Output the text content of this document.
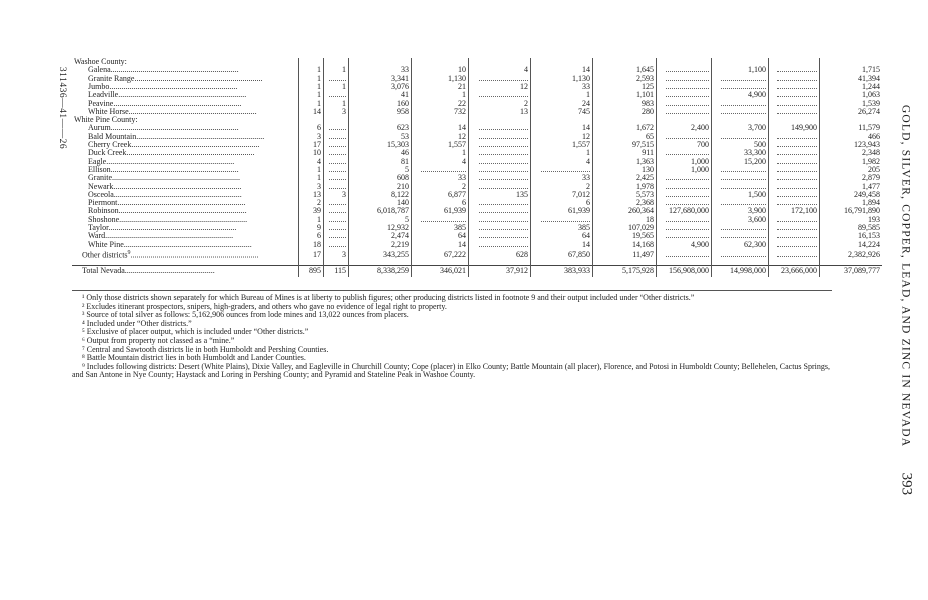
311436—41——26	GOLD, SILVER, COPPER, LEAD, AND ZINC IN NEVADA 393
Washoe County:											
Galena................................................................	1	1	33	10	4	14	1,645		1,100		1,715
Granite Range................................................................	1		3,341	1,130		1,130	2,593				41,394
Jumbo................................................................	1	1	3,076	21	12	33	125				1,244
Leadville................................................................	1		41	1		1	1,101		4,900		1,063
Peavine................................................................	1	1	160	22	2	24	983				1,539
White Horse................................................................	14	3	958	732	13	745	280				26,274
White Pine County:											
Aurum................................................................	6		623	14		14	1,672	2,400	3,700	149,900	11,579
Bald Mountain................................................................	3		53	12		12	65				466
Cherry Creek................................................................	17		15,303	1,557		1,557	97,515	700	500		123,943
Duck Creek................................................................	10		46	1		1	911		33,300		2,348
Eagle................................................................	4		81	4		4	1,363	1,000	15,200		1,982
Ellison................................................................	1		5				130	1,000			205
Granite................................................................	1		608	33		33	2,425				2,879
Newark................................................................	3		210	2		2	1,978				1,477
Osceola................................................................	13	3	8,122	6,877	135	7,012	5,573		1,500		249,458
Piermont................................................................	2		140	6		6	2,368				1,894
Robinson................................................................	39		6,018,787	61,939		61,939	260,364	127,680,000	3,900	172,100	16,791,890
Shoshone................................................................	1		5				18		3,600		193
Taylor................................................................	9		12,932	385		385	107,029				89,585
Ward................................................................	6		2,474	64		64	19,565				16,153
White Pine................................................................	18		2,219	14		14	14,168	4,900	62,300		14,224
Other districts$^9$................................................................	17	3	343,255	67,222	628	67,850	11,497				2,382,926

Total Nevada.............................................	895	115	8,338,259	346,021	37,912	383,933	5,175,928	156,908,000	14,998,000	23,666,000	37,089,777

¹ Only those districts shown separately for which Bureau of Mines is at liberty to publish figures; other producing districts listed in footnote 9 and their output included under “Other districts.”

² Excludes itinerant prospectors, snipers, high-graders, and others who gave no evidence of legal right to property.

³ Source of total silver as follows: 5,162,906 ounces from lode mines and 13,022 ounces from placers.

⁴ Included under “Other districts.”

⁵ Exclusive of placer output, which is included under “Other districts.”

⁶ Output from property not classed as a “mine.”

⁷ Central and Sawtooth districts lie in both Humboldt and Pershing Counties.

⁸ Battle Mountain district lies in both Humboldt and Lander Counties.

⁹ Includes following districts: Desert (White Plains), Dixie Valley, and Eagleville in Churchill County; Cope (placer) in Elko County; Battle Mountain (all placer), Florence, and Potosi in Humboldt County; Bellehelen, Cactus Springs, and San Antone in Nye County; Haystack and Loring in Pershing County; and Pyramid and Stateline Peak in Washoe County.
